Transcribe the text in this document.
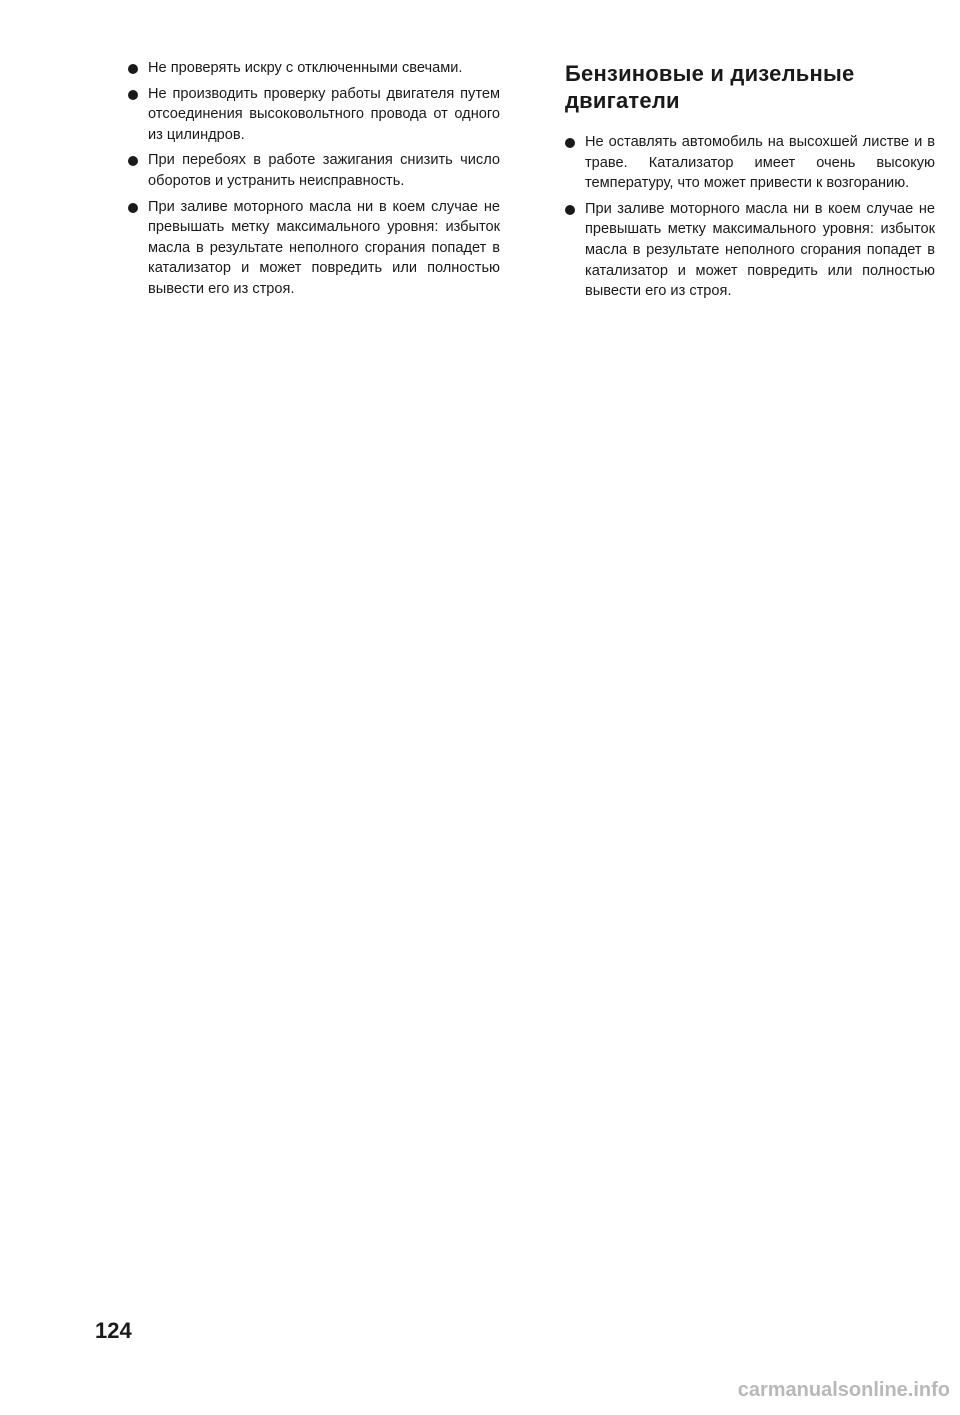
Не проверять искру с отключенными свечами.
Не производить проверку работы двигателя путем отсоединения высоковольтного провода от одного из цилиндров.
При перебоях в работе зажигания снизить число оборотов и устранить неисправность.
При заливе моторного масла ни в коем случае не превышать метку максимального уровня: избыток масла в результате неполного сгорания попадет в катализатор и может повредить или полностью вывести его из строя.
Бензиновые и дизельные двигатели
Не оставлять автомобиль на высохшей листве и в траве. Катализатор имеет очень высокую температуру, что может привести к возгоранию.
При заливе моторного масла ни в коем случае не превышать метку максимального уровня: избыток масла в результате неполного сгорания попадет в катализатор и может повредить или полностью вывести его из строя.
124
carmanualsonline.info
